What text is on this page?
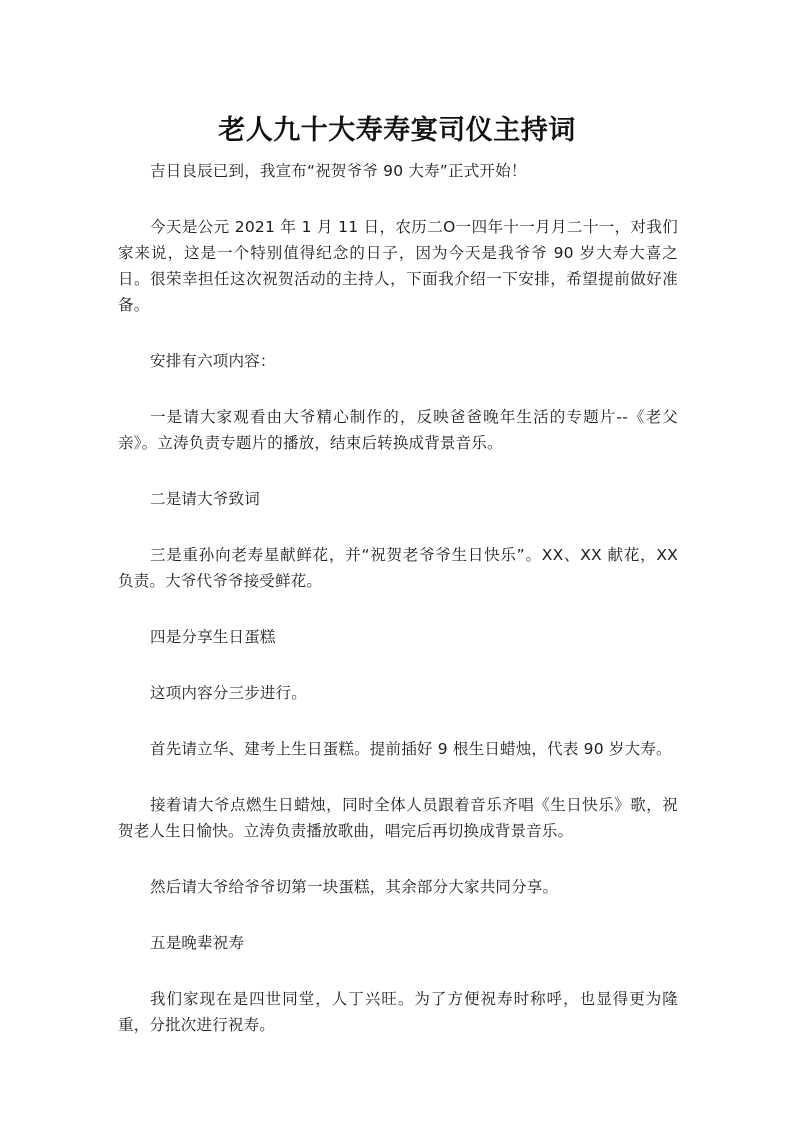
老人九十大寿寿宴司仪主持词

吉日良辰已到，我宣布“祝贺爷爷 90 大寿”正式开始！

今天是公元 2021 年 1 月 11 日，农历二O一四年十一月月二十一，对我们家来说，这是一个特别值得纪念的日子，因为今天是我爷爷 90 岁大寿大喜之日。很荣幸担任这次祝贺活动的主持人，下面我介绍一下安排，希望提前做好准备。

安排有六项内容：

一是请大家观看由大爷精心制作的，反映爸爸晚年生活的专题片--《老父亲》。立涛负责专题片的播放，结束后转换成背景音乐。

二是请大爷致词

三是重孙向老寿星献鲜花，并“祝贺老爷爷生日快乐”。XX、XX 献花，XX 负责。大爷代爷爷接受鲜花。

四是分享生日蛋糕

这项内容分三步进行。

首先请立华、建考上生日蛋糕。提前插好 9 根生日蜡烛，代表 90 岁大寿。

接着请大爷点燃生日蜡烛，同时全体人员跟着音乐齐唱《生日快乐》歌，祝贺老人生日愉快。立涛负责播放歌曲，唱完后再切换成背景音乐。

然后请大爷给爷爷切第一块蛋糕，其余部分大家共同分享。

五是晚辈祝寿

我们家现在是四世同堂，人丁兴旺。为了方便祝寿时称呼，也显得更为隆重，分批次进行祝寿。
